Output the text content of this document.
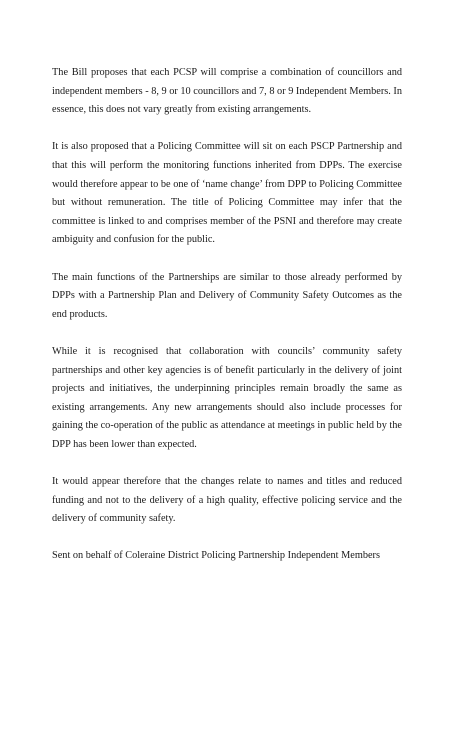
The Bill proposes that each PCSP will comprise a combination of councillors and independent members - 8, 9 or 10 councillors and 7, 8 or 9 Independent Members. In essence, this does not vary greatly from existing arrangements.

It is also proposed that a Policing Committee will sit on each PSCP Partnership and that this will perform the monitoring functions inherited from DPPs. The exercise would therefore appear to be one of ‘name change’ from DPP to Policing Committee but without remuneration. The title of Policing Committee may infer that the committee is linked to and comprises member of the PSNI and therefore may create ambiguity and confusion for the public.

The main functions of the Partnerships are similar to those already performed by DPPs with a Partnership Plan and Delivery of Community Safety Outcomes as the end products.

While it is recognised that collaboration with councils’ community safety partnerships and other key agencies is of benefit particularly in the delivery of joint projects and initiatives, the underpinning principles remain broadly the same as existing arrangements. Any new arrangements should also include processes for gaining the co-operation of the public as attendance at meetings in public held by the DPP has been lower than expected.

It would appear therefore that the changes relate to names and titles and reduced funding and not to the delivery of a high quality, effective policing service and the delivery of community safety.

Sent on behalf of Coleraine District Policing Partnership Independent Members
